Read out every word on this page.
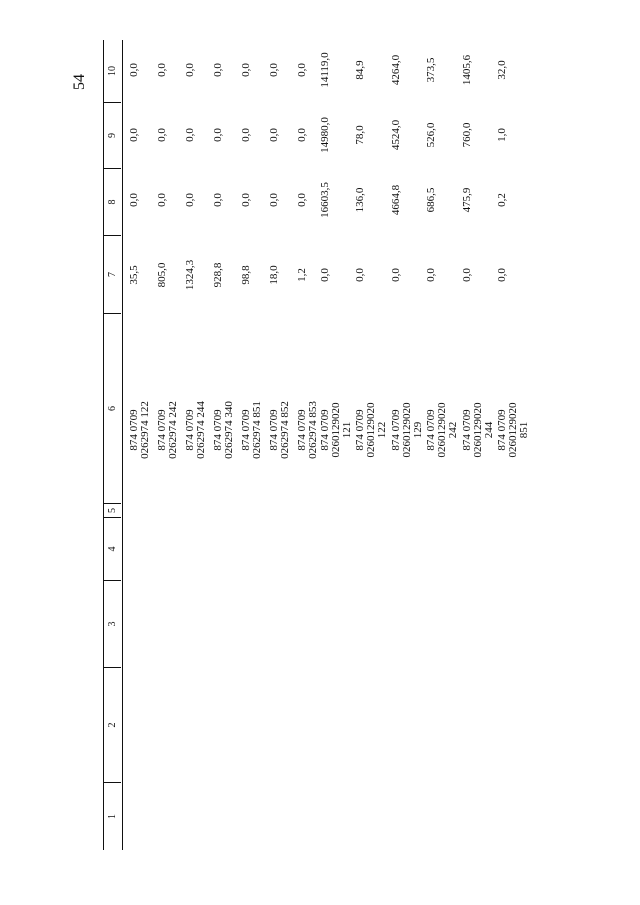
54
1
2
3
4
5
6
7
8
9
10
874 0709 0262974 122
35,5
0,0
0,0
0,0
874 0709 0262974 242
805,0
0,0
0,0
0,0
874 0709 0262974 244
1324,3
0,0
0,0
0,0
874 0709 0262974 340
928,8
0,0
0,0
0,0
874 0709 0262974 851
98,8
0,0
0,0
0,0
874 0709 0262974 852
18,0
0,0
0,0
0,0
874 0709 0262974 853
1,2
0,0
0,0
0,0
874 0709 0260129020 121
0,0
16603,5
14980,0
14119,0
874 0709 0260129020 122
0,0
136,0
78,0
84,9
874 0709 0260129020 129
0,0
4664,8
4524,0
4264,0
874 0709 0260129020 242
0,0
686,5
526,0
373,5
874 0709 0260129020 244
0,0
475,9
760,0
1405,6
874 0709 0260129020 851
0,0
0,2
1,0
32,0
